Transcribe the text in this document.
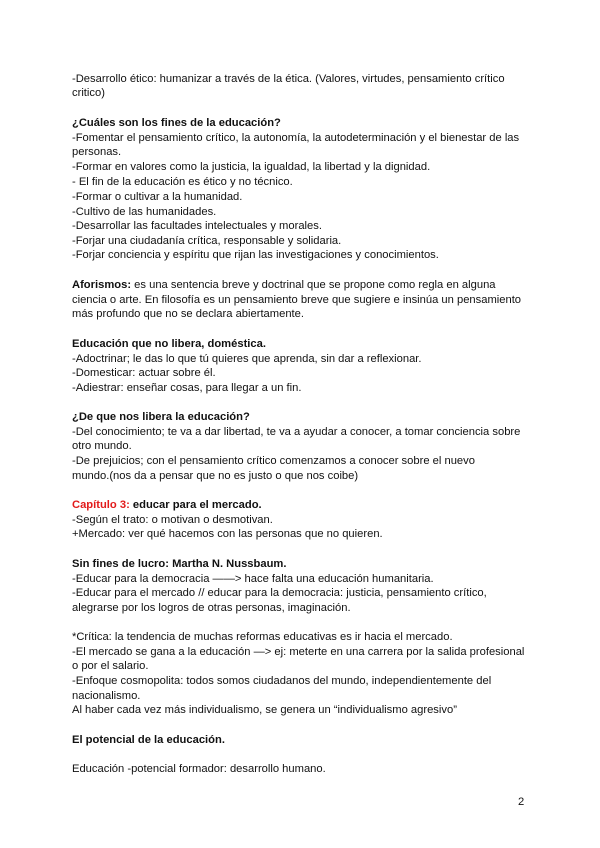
-Desarrollo ético: humanizar a través de la ética. (Valores, virtudes, pensamiento crítico
critico)
¿Cuáles son los fines de la educación?
-Fomentar el pensamiento crítico, la autonomía, la autodeterminación y el bienestar de las
personas.
-Formar en valores como la justicia, la igualdad, la libertad y la dignidad.
- El fin de la educación es ético y no técnico.
-Formar o cultivar a la humanidad.
-Cultivo de las humanidades.
-Desarrollar las facultades intelectuales y morales.
-Forjar una ciudadanía crítica, responsable y solidaria.
-Forjar conciencia y espíritu que rijan las investigaciones y conocimientos.
Aforismos: es una sentencia breve y doctrinal que se propone como regla en alguna
ciencia o arte. En filosofía es un pensamiento breve que sugiere e insinúa un pensamiento
más profundo que no se declara abiertamente.
Educación que no libera, doméstica.
-Adoctrinar; le das lo que tú quieres que aprenda, sin dar a reflexionar.
-Domesticar: actuar sobre él.
-Adiestrar: enseñar cosas, para llegar a un fin.
¿De que nos libera la educación?
-Del conocimiento; te va a dar libertad, te va a ayudar a conocer, a tomar conciencia sobre
otro mundo.
-De prejuicios; con el pensamiento crítico comenzamos a conocer sobre el nuevo
mundo.(nos da a pensar que no es justo o que nos coibe)
Capítulo 3: educar para el mercado.
-Según el trato: o motivan o desmotivan.
+Mercado: ver qué hacemos con las personas que no quieren.
Sin fines de lucro: Martha N. Nussbaum.
-Educar para la democracia ——> hace falta una educación humanitaria.
-Educar para el mercado // educar para la democracia: justicia, pensamiento crítico,
alegrarse por los logros de otras personas, imaginación.
*Crítica: la tendencia de muchas reformas educativas es ir hacia el mercado.
-El mercado se gana a la educación —> ej: meterte en una carrera por la salida profesional
o por el salario.
-Enfoque cosmopolita: todos somos ciudadanos del mundo, independientemente del
nacionalismo.
Al haber cada vez más individualismo, se genera un “individualismo agresivo”
El potencial de la educación.
Educación -potencial formador: desarrollo humano.
2
